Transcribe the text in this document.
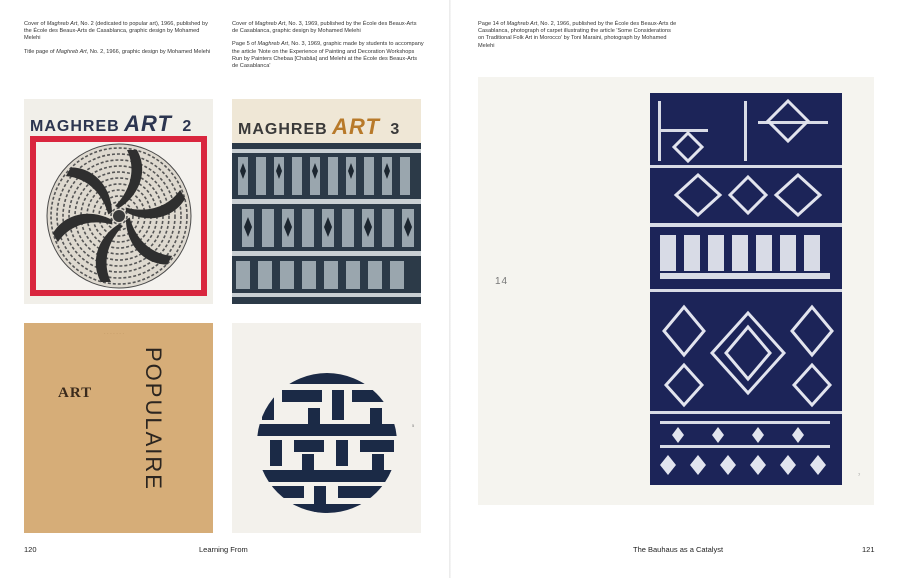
Cover of Maghreb Art, No. 2 (dedicated to popular art), 1966, published by the École des Beaux-Arts de Casablanca, graphic design by Mohamed Melehi

Title page of Maghreb Art, No. 2, 1966, graphic design by Mohamed Melehi

Cover of Maghreb Art, No. 3, 1969, published by the École des Beaux-Arts de Casablanca, graphic design by Mohamed Melehi

Page 5 of Maghreb Art, No. 3, 1969, graphic made by students to accompany the article 'Note on the Experience of Painting and Decoration Workshops Run by Painters Chebaa [Chabâa] and Melehi at the École des Beaux-Arts de Casablanca'

Page 14 of Maghreb Art, No. 2, 1966, published by the École des Beaux-Arts de Casablanca, photograph of carpet illustrating the article 'Some Considerations on Traditional Folk Art in Morocco' by Toni Maraini, photograph by Mohamed Melehi

MAGHREB ART 2	MAGHREB ART 3
· · · · · · ·
ART POPULAIRE	5
14
7
120	Learning From	The Bauhaus as a Catalyst	121
